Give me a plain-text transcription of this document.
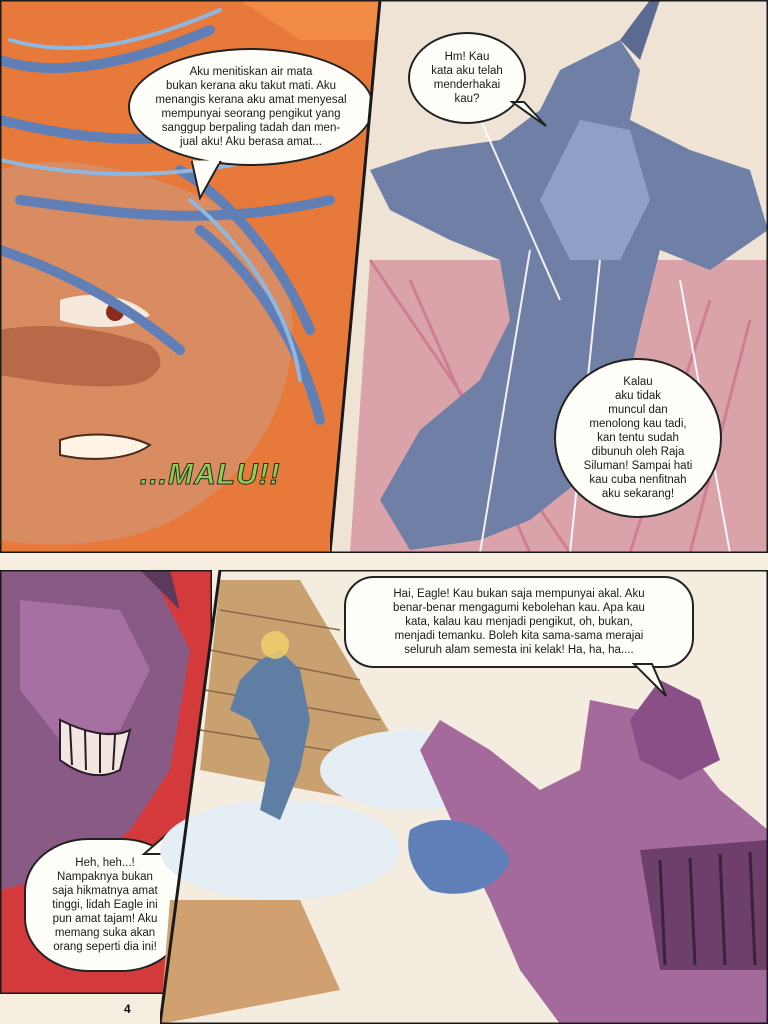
Aku menitiskan air mata
bukan kerana aku takut mati. Aku
menangis kerana aku amat menyesal
mempunyai seorang pengikut yang
sanggup berpaling tadah dan men-
jual aku! Aku berasa amat...
...MALU!!
Hm! Kau
kata aku telah
menderhakai
kau?
Kalau
aku tidak
muncul dan
menolong kau tadi,
kan tentu sudah
dibunuh oleh Raja
Siluman! Sampai hati
kau cuba nenfitnah
aku sekarang!
Heh, heh...!
Nampaknya bukan
saja hikmatnya amat
tinggi, lidah Eagle ini
pun amat tajam! Aku
memang suka akan
orang seperti dia ini!
Hai, Eagle! Kau bukan saja mempunyai akal. Aku
benar-benar mengagumi kebolehan kau. Apa kau
kata, kalau kau menjadi pengikut, oh, bukan,
menjadi temanku. Boleh kita sama-sama merajai
seluruh alam semesta ini kelak! Ha, ha, ha....
4
